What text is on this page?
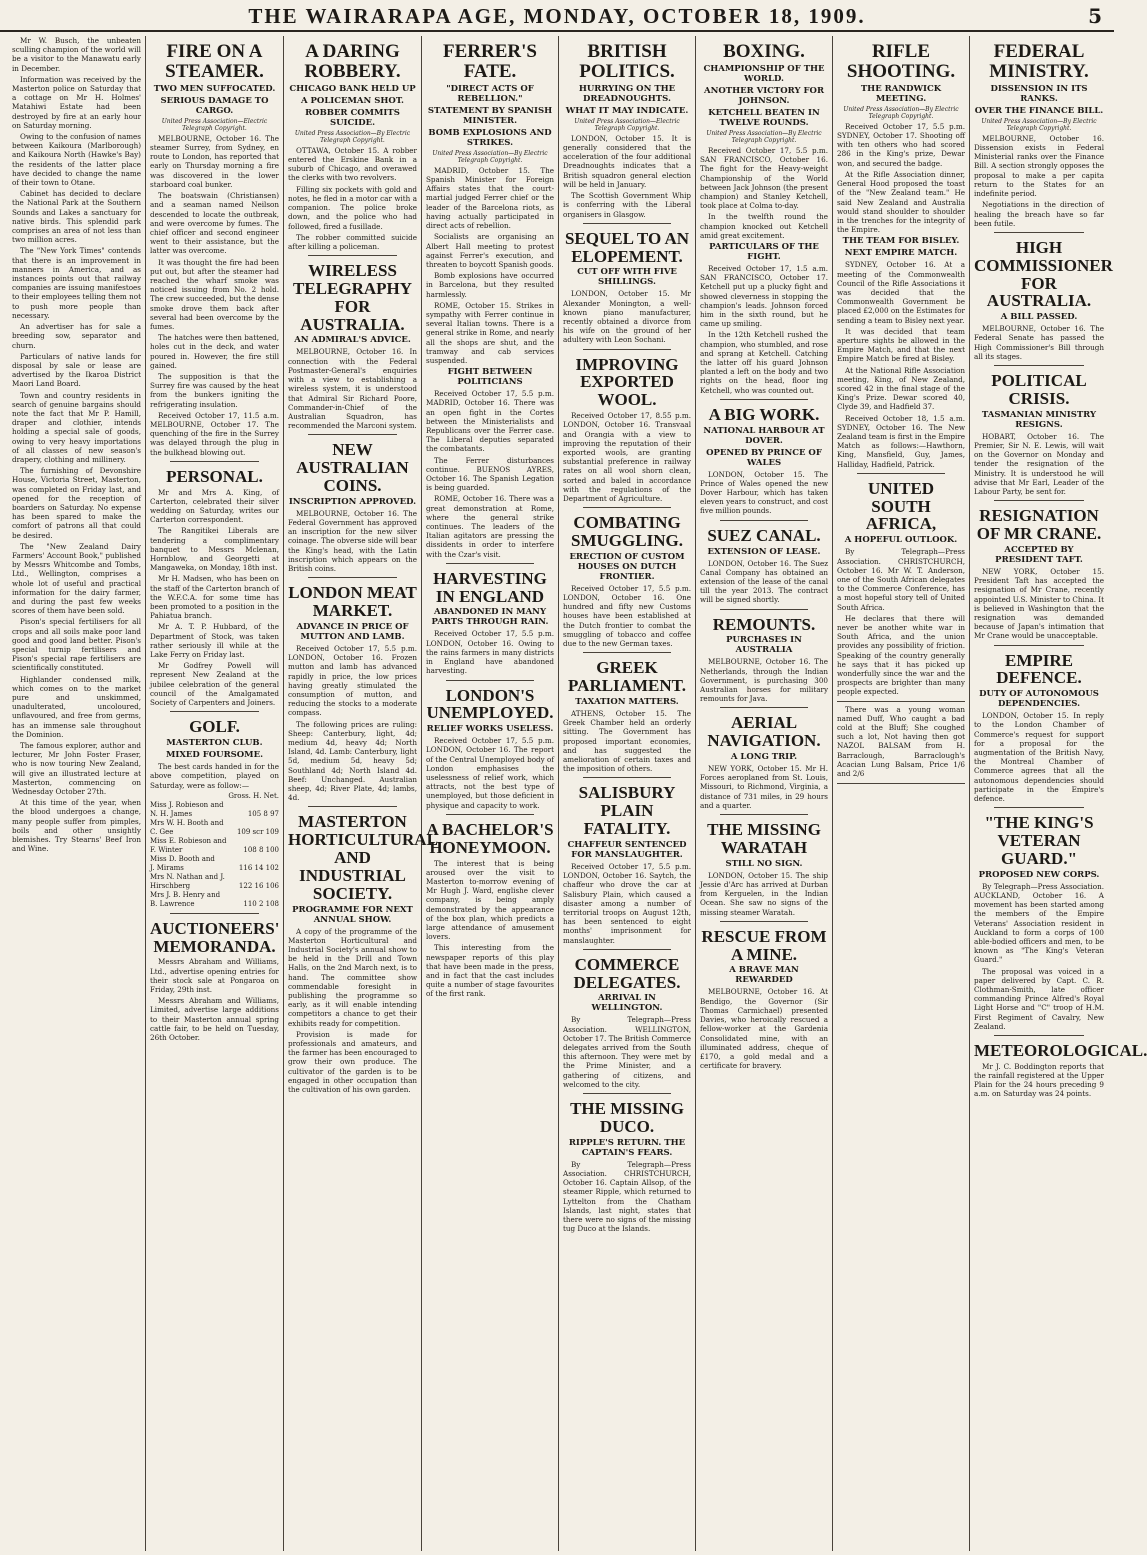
THE WAIRARAPA AGE, MONDAY, OCTOBER 18, 1909.	5

Mr W. Busch, the unbeaten sculling champion of the world will be a visitor to the Manawatu early in December.

Information was received by the Masterton police on Saturday that a cottage on Mr H. Holmes' Matahiwi Estate had been destroyed by fire at an early hour on Saturday morning.

Owing to the confusion of names between Kaikoura (Marlborough) and Kaikoura North (Hawke's Bay) the residents of the latter place have decided to change the name of their town to Otane.

Cabinet has decided to declare the National Park at the Southern Sounds and Lakes a sanctuary for native birds. This splendid park comprises an area of not less than two million acres.

The "New York Times" contends that there is an improvement in manners in America, and as instances points out that railway companies are issuing manifestoes to their employees telling them not to push more people than necessary.

An advertiser has for sale a breeding sow, separator and churn.

Particulars of native lands for disposal by sale or lease are advertised by the Ikaroa District Maori Land Board.

Town and country residents in search of genuine bargains should note the fact that Mr P. Hamill, draper and clothier, intends holding a special sale of goods, owing to very heavy importations of all classes of new season's drapery, clothing and millinery.

The furnishing of Devonshire House, Victoria Street, Masterton, was completed on Friday last, and opened for the reception of boarders on Saturday. No expense has been spared to make the comfort of patrons all that could be desired.

The "New Zealand Dairy Farmers' Account Book," published by Messrs Whitcombe and Tombs, Ltd., Wellington, comprises a whole lot of useful and practical information for the dairy farmer, and during the past few weeks scores of them have been sold.

Pison's special fertilisers for all crops and all soils make poor land good and good land better. Pison's special turnip fertilisers and Pison's special rape fertilisers are scientifically constituted.

Highlander condensed milk, which comes on to the market pure and unskimmed, unadulterated, uncoloured, unflavoured, and free from germs, has an immense sale throughout the Dominion.

The famous explorer, author and lecturer, Mr John Foster Fraser, who is now touring New Zealand, will give an illustrated lecture at Masterton, commencing on Wednesday October 27th.

At this time of the year, when the blood undergoes a change, many people suffer from pimples, boils and other unsightly blemishes. Try Stearns' Beef Iron and Wine.

FIRE ON A STEAMER.
TWO MEN SUFFOCATED.
SERIOUS DAMAGE TO CARGO.
United Press Association—Electric Telegraph Copyright.

MELBOURNE, October 16. The steamer Surrey, from Sydney, en route to London, has reported that early on Thursday morning a fire was discovered in the lower starboard coal bunker.

The boatswain (Christiansen) and a seaman named Neilson descended to locate the outbreak, and were overcome by fumes. The chief officer and second engineer went to their assistance, but the latter was overcome.

It was thought the fire had been put out, but after the steamer had reached the wharf smoke was noticed issuing from No. 2 hold. The crew succeeded, but the dense smoke drove them back after several had been overcome by the fumes.

The hatches were then battened, holes cut in the deck, and water poured in. However, the fire still gained.

The supposition is that the Surrey fire was caused by the heat from the bunkers igniting the refrigerating insulation.

Received October 17, 11.5 a.m. MELBOURNE, October 17. The quenching of the fire in the Surrey was delayed through the plug in the bulkhead blowing out.

PERSONAL.

Mr and Mrs A. King, of Carterton, celebrated their silver wedding on Saturday, writes our Carterton correspondent.

The Rangitikei Liberals are tendering a complimentary banquet to Messrs Mclenan, Hornblow, and Georgetti at Mangaweka, on Monday, 18th inst.

Mr H. Madsen, who has been on the staff of the Carterton branch of the W.F.C.A. for some time has been promoted to a position in the Pahiatua branch.

Mr A. T. P. Hubbard, of the Department of Stock, was taken rather seriously ill while at the Lake Ferry on Friday last.

Mr Godfrey Powell will represent New Zealand at the jubilee celebration of the general council of the Amalgamated Society of Carpenters and Joiners.

GOLF.
MASTERTON CLUB.
MIXED FOURSOME.

The best cards handed in for the above competition, played on Saturday, were as follow:—

Gross. H. Net.
Miss J. Robieson and
N. H. James	105 8 97
Mrs W. H. Booth and
C. Gee	109 scr 109
Miss E. Robieson and
F. Winter	108 8 100
Miss D. Booth and
J. Mirams	116 14 102
Mrs N. Nathan and J.
Hirschberg	122 16 106
Mrs J. B. Henry and
B. Lawrence	110 2 108
AUCTIONEERS' MEMORANDA.

Messrs Abraham and Williams, Ltd., advertise opening entries for their stock sale at Pongaroa on Friday, 29th inst.

Messrs Abraham and Williams, Limited, advertise large additions to their Masterton annual spring cattle fair, to be held on Tuesday, 26th October.

A DARING ROBBERY.
CHICAGO BANK HELD UP
A POLICEMAN SHOT.
ROBBER COMMITS SUICIDE.
United Press Association—By Electric Telegraph Copyright.

OTTAWA, October 15. A robber entered the Erskine Bank in a suburb of Chicago, and overawed the clerks with two revolvers.

Filling six pockets with gold and notes, he fled in a motor car with a companion. The police broke down, and the police who had followed, fired a fusillade.

The robber committed suicide after killing a policeman.

WIRELESS TELEGRAPHY FOR AUSTRALIA.
AN ADMIRAL'S ADVICE.

MELBOURNE, October 16. In connection with the Federal Postmaster-General's enquiries with a view to establishing a wireless system, it is understood that Admiral Sir Richard Poore, Commander-in-Chief of the Australian Squadron, has recommended the Marconi system.

NEW AUSTRALIAN COINS.
INSCRIPTION APPROVED.

MELBOURNE, October 16. The Federal Government has approved an inscription for the new silver coinage. The obverse side will bear the King's head, with the Latin inscription which appears on the British coins.

LONDON MEAT MARKET.
ADVANCE IN PRICE OF MUTTON AND LAMB.

Received October 17, 5.5 p.m. LONDON, October 16. Frozen mutton and lamb has advanced rapidly in price, the low prices having greatly stimulated the consumption of mutton, and reducing the stocks to a moderate compass.

The following prices are ruling: Sheep: Canterbury, light, 4d; medium 4d, heavy 4d; North Island, 4d. Lamb: Canterbury, light 5d, medium 5d, heavy 5d; Southland 4d; North Island 4d. Beef: Unchanged. Australian sheep, 4d; River Plate, 4d; lambs, 4d.

MASTERTON HORTICULTURAL AND INDUSTRIAL SOCIETY.
PROGRAMME FOR NEXT ANNUAL SHOW.

A copy of the programme of the Masterton Horticultural and Industrial Society's annual show to be held in the Drill and Town Halls, on the 2nd March next, is to hand. The committee show commendable foresight in publishing the programme so early, as it will enable intending competitors a chance to get their exhibits ready for competition.

Provision is made for professionals and amateurs, and the farmer has been encouraged to grow their own produce. The cultivator of the garden is to be engaged in other occupation than the cultivation of his own garden.

FERRER'S FATE.
"DIRECT ACTS OF REBELLION."
STATEMENT BY SPANISH MINISTER.
BOMB EXPLOSIONS AND STRIKES.
United Press Association—By Electric Telegraph Copyright.

MADRID, October 15. The Spanish Minister for Foreign Affairs states that the court-martial judged Ferrer chief or the leader of the Barcelona riots, as having actually participated in direct acts of rebellion.

Socialists are organising an Albert Hall meeting to protest against Ferrer's execution, and threaten to boycott Spanish goods.

Bomb explosions have occurred in Barcelona, but they resulted harmlessly.

ROME, October 15. Strikes in sympathy with Ferrer continue in several Italian towns. There is a general strike in Rome, and nearly all the shops are shut, and the tramway and cab services suspended.

FIGHT BETWEEN POLITICIANS

Received October 17, 5.5 p.m. MADRID, October 16. There was an open fight in the Cortes between the Ministerialists and Republicans over the Ferrer case. The Liberal deputies separated the combatants.

The Ferrer disturbances continue. BUENOS AYRES, October 16. The Spanish Legation is being guarded.

ROME, October 16. There was a great demonstration at Rome, where the general strike continues. The leaders of the Italian agitators are pressing the dissidents in order to interfere with the Czar's visit.

HARVESTING IN ENGLAND
ABANDONED IN MANY PARTS THROUGH RAIN.

Received October 17, 5.5 p.m. LONDON, October 16. Owing to the rains farmers in many districts in England have abandoned harvesting.

LONDON'S UNEMPLOYED.
RELIEF WORKS USELESS.

Received October 17, 5.5 p.m. LONDON, October 16. The report of the Central Unemployed body of London emphasises the uselessness of relief work, which attracts, not the best type of unemployed, but those deficient in physique and capacity to work.

A BACHELOR'S HONEYMOON.

The interest that is being aroused over the visit to Masterton to-morrow evening of Mr Hugh J. Ward, englishe clever company, is being amply demonstrated by the appearance of the box plan, which predicts a large attendance of amusement lovers.

This interesting from the newspaper reports of this play that have been made in the press, and in fact that the cast includes quite a number of stage favourites of the first rank.

BRITISH POLITICS.
HURRYING ON THE DREADNOUGHTS.
WHAT IT MAY INDICATE.
United Press Association—Electric Telegraph Copyright.

LONDON, October 15. It is generally considered that the acceleration of the four additional Dreadnoughts indicates that a British squadron general election will be held in January.

The Scottish Government Whip is conferring with the Liberal organisers in Glasgow.

SEQUEL TO AN ELOPEMENT.
CUT OFF WITH FIVE SHILLINGS.

LONDON, October 15. Mr Alexander Monington, a well-known piano manufacturer, recently obtained a divorce from his wife on the ground of her adultery with Leon Sochani.

IMPROVING EXPORTED WOOL.

Received October 17, 8.55 p.m. LONDON, October 16. Transvaal and Orangia with a view to improving the reputation of their exported wools, are granting substantial preference in railway rates on all wool shorn clean, sorted and baled in accordance with the regulations of the Department of Agriculture.

COMBATING SMUGGLING.
ERECTION OF CUSTOM HOUSES ON DUTCH FRONTIER.

Received October 17, 5.5 p.m. LONDON, October 16. One hundred and fifty new Customs houses have been established at the Dutch frontier to combat the smuggling of tobacco and coffee due to the new German taxes.

GREEK PARLIAMENT.
TAXATION MATTERS.

ATHENS, October 15. The Greek Chamber held an orderly sitting. The Government has proposed important economies, and has suggested the amelioration of certain taxes and the imposition of others.

SALISBURY PLAIN FATALITY.
CHAFFEUR SENTENCED FOR MANSLAUGHTER.

Received October 17, 5.5 p.m. LONDON, October 16. Saytch, the chaffeur who drove the car at Salisbury Plain, which caused a disaster among a number of territorial troops on August 12th, has been sentenced to eight months' imprisonment for manslaughter.

COMMERCE DELEGATES.
ARRIVAL IN WELLINGTON.

By Telegraph—Press Association. WELLINGTON, October 17. The British Commerce delegates arrived from the South this afternoon. They were met by the Prime Minister, and a gathering of citizens, and welcomed to the city.

THE MISSING DUCO.
RIPPLE'S RETURN. THE CAPTAIN'S FEARS.

By Telegraph—Press Association. CHRISTCHURCH, October 16. Captain Allsop, of the steamer Ripple, which returned to Lyttelton from the Chatham Islands, last night, states that there were no signs of the missing tug Duco at the Islands.

BOXING.
CHAMPIONSHIP OF THE WORLD.
ANOTHER VICTORY FOR JOHNSON.
KETCHELL BEATEN IN TWELVE ROUNDS.
United Press Association—By Electric Telegraph Copyright.

Received October 17, 5.5 p.m. SAN FRANCISCO, October 16. The fight for the Heavy-weight Championship of the World between Jack Johnson (the present champion) and Stanley Ketchell, took place at Colma to-day.

In the twelfth round the champion knocked out Ketchell amid great excitement.

PARTICULARS OF THE FIGHT.

Received October 17, 1.5 a.m. SAN FRANCISCO, October 17. Ketchell put up a plucky fight and showed cleverness in stopping the champion's leads. Johnson forced him in the sixth round, but he came up smiling.

In the 12th Ketchell rushed the champion, who stumbled, and rose and sprang at Ketchell. Catching the latter off his guard Johnson planted a left on the body and two rights on the head, floor ing Ketchell, who was counted out.

A BIG WORK.
NATIONAL HARBOUR AT DOVER.
OPENED BY PRINCE OF WALES

LONDON, October 15. The Prince of Wales opened the new Dover Harbour, which has taken eleven years to construct, and cost five million pounds.

SUEZ CANAL.
EXTENSION OF LEASE.

LONDON, October 16. The Suez Canal Company has obtained an extension of the lease of the canal till the year 2013. The contract will be signed shortly.

REMOUNTS.
PURCHASES IN AUSTRALIA

MELBOURNE, October 16. The Netherlands, through the Indian Government, is purchasing 300 Australian horses for military remounts for Java.

AERIAL NAVIGATION.
A LONG TRIP.

NEW YORK, October 15. Mr H. Forces aeroplaned from St. Louis, Missouri, to Richmond, Virginia, a distance of 731 miles, in 29 hours and a quarter.

THE MISSING WARATAH
STILL NO SIGN.

LONDON, October 15. The ship Jessie d'Arc has arrived at Durban from Kerguelen, in the Indian Ocean. She saw no signs of the missing steamer Waratah.

RESCUE FROM A MINE.
A BRAVE MAN REWARDED

MELBOURNE, October 16. At Bendigo, the Governor (Sir Thomas Carmichael) presented Davies, who heroically rescued a fellow-worker at the Gardenia Consolidated mine, with an illuminated address, cheque of £170, a gold medal and a certificate for bravery.

RIFLE SHOOTING.
THE RANDWICK MEETING.
United Press Association—By Electric Telegraph Copyright.

Received October 17, 5.5 p.m. SYDNEY, October 17. Shooting off with ten others who had scored 286 in the King's prize, Dewar won, and secured the badge.

At the Rifle Association dinner, General Hood proposed the toast of the "New Zealand team." He said New Zealand and Australia would stand shoulder to shoulder in the trenches for the integrity of the Empire.

THE TEAM FOR BISLEY.
NEXT EMPIRE MATCH.

SYDNEY, October 16. At a meeting of the Commonwealth Council of the Rifle Associations it was decided that the Commonwealth Government be placed £2,000 on the Estimates for sending a team to Bisley next year.

It was decided that team aperture sights be allowed in the Empire Match, and that the next Empire Match be fired at Bisley.

At the National Rifle Association meeting, King, of New Zealand, scored 42 in the final stage of the King's Prize. Dewar scored 40, Clyde 39, and Hadfield 37.

Received October 18, 1.5 a.m. SYDNEY, October 16. The New Zealand team is first in the Empire Match as follows:—Hawthorn, King, Mansfield, Guy, James, Halliday, Hadfield, Patrick.

UNITED SOUTH AFRICA,
A HOPEFUL OUTLOOK.

By Telegraph—Press Association. CHRISTCHURCH, October 16. Mr W. T. Anderson, one of the South African delegates to the Commerce Conference, has a most hopeful story tell of United South Africa.

He declares that there will never be another white war in South Africa, and the union provides any possibility of friction. Speaking of the country generally he says that it has picked up wonderfully since the war and the prospects are brighter than many people expected.

There was a young woman named Duff, Who caught a bad cold at the Bluff; She coughed such a lot, Not having then got NAZOL BALSAM from H. Barraclough, Barraclough's Acacian Lung Balsam, Price 1/6 and 2/6

FEDERAL MINISTRY.
DISSENSION IN ITS RANKS.
OVER THE FINANCE BILL.
United Press Association—By Electric Telegraph Copyright.

MELBOURNE, October 16. Dissension exists in Federal Ministerial ranks over the Finance Bill. A section strongly opposes the proposal to make a per capita return to the States for an indefinite period.

Negotiations in the direction of healing the breach have so far been futile.

HIGH COMMISSIONER FOR AUSTRALIA.
A BILL PASSED.

MELBOURNE, October 16. The Federal Senate has passed the High Commissioner's Bill through all its stages.

POLITICAL CRISIS.
TASMANIAN MINISTRY RESIGNS.

HOBART, October 16. The Premier, Sir N. E. Lewis, will wait on the Governor on Monday and tender the resignation of the Ministry. It is understood he will advise that Mr Earl, Leader of the Labour Party, be sent for.

RESIGNATION OF MR CRANE.
ACCEPTED BY PRESIDENT TAFT.

NEW YORK, October 15. President Taft has accepted the resignation of Mr Crane, recently appointed U.S. Minister to China. It is believed in Washington that the resignation was demanded because of Japan's intimation that Mr Crane would be unacceptable.

EMPIRE DEFENCE.
DUTY OF AUTONOMOUS DEPENDENCIES.

LONDON, October 15. In reply to the London Chamber of Commerce's request for support for a proposal for the augmentation of the British Navy, the Montreal Chamber of Commerce agrees that all the autonomous dependencies should participate in the Empire's defence.

"THE KING'S VETERAN GUARD."
PROPOSED NEW CORPS.

By Telegraph—Press Association. AUCKLAND, October 16. A movement has been started among the members of the Empire Veterans' Association resident in Auckland to form a corps of 100 able-bodied officers and men, to be known as "The King's Veteran Guard."

The proposal was voiced in a paper delivered by Capt. C. R. Clothman-Smith, late officer commanding Prince Alfred's Royal Light Horse and "C" troop of H.M. First Regiment of Cavalry, New Zealand.

METEOROLOGICAL.

Mr J. C. Boddington reports that the rainfall registered at the Upper Plain for the 24 hours preceding 9 a.m. on Saturday was 24 points.
